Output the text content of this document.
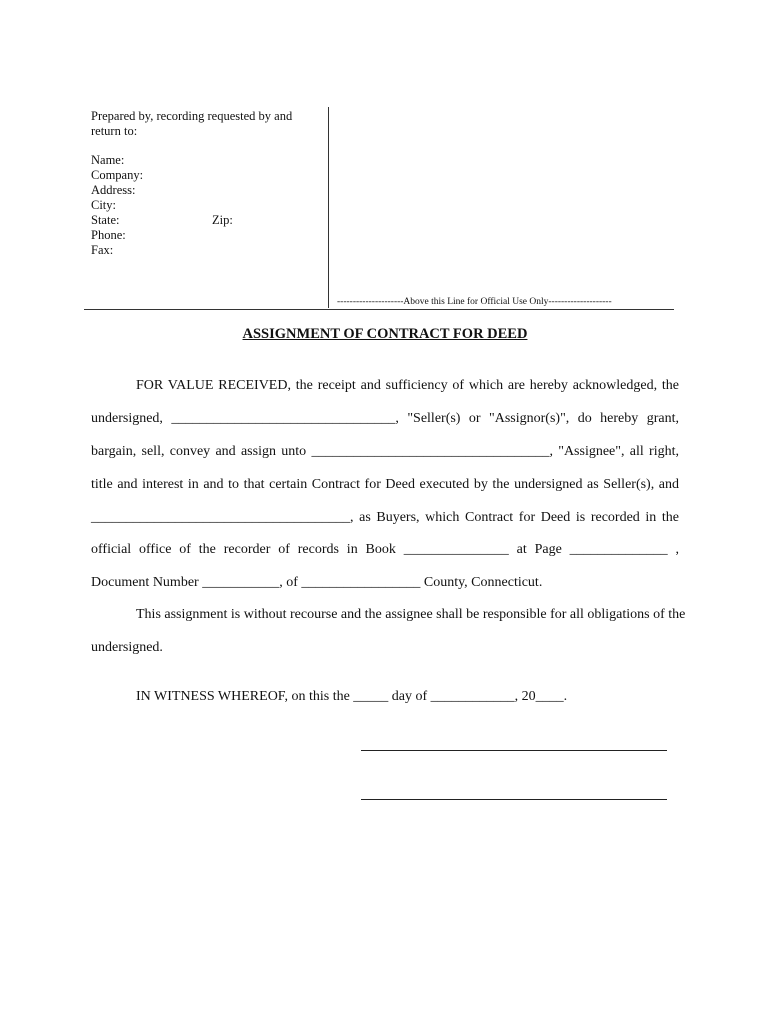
Prepared by, recording requested by and
return to:
Name:
Company:
Address:
City:
State:	Zip:
Phone:
Fax:
---------------------Above this Line for Official Use Only--------------------
ASSIGNMENT OF CONTRACT FOR DEED
FOR VALUE RECEIVED, the receipt and sufficiency of which are hereby acknowledged, the
undersigned, ________________________________, "Seller(s) or "Assignor(s)", do hereby grant,
bargain, sell, convey and assign unto __________________________________, "Assignee", all right,
title and interest in and to that certain Contract for Deed executed by the undersigned as Seller(s), and
_____________________________________, as Buyers, which Contract for Deed is recorded in the
official office of the recorder of records in Book _______________ at Page ______________ ,
Document Number ___________, of _________________ County, Connecticut.
This assignment is without recourse and the assignee shall be responsible for all obligations of the
undersigned.
IN WITNESS WHEREOF, on this the _____ day of ____________, 20____.
